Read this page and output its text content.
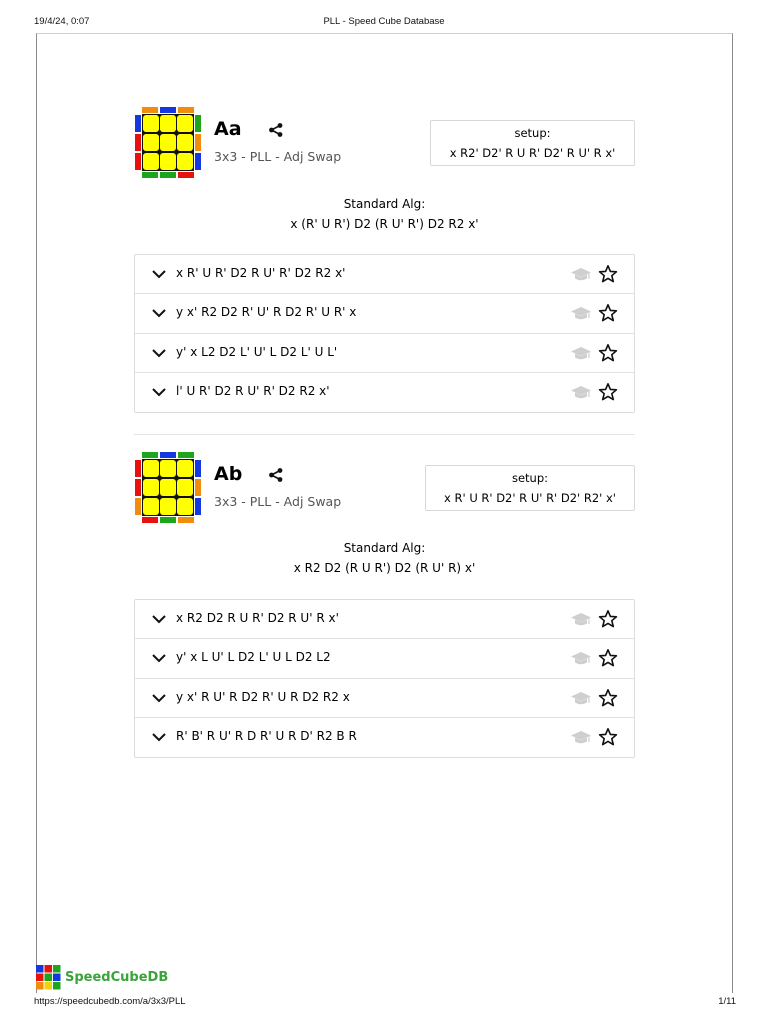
19/4/24, 0:07	PLL - Speed Cube Database
Aa
3x3 - PLL - Adj Swap
setup:
x R2' D2' R U R' D2' R U' R x'
Standard Alg:
x (R' U R') D2 (R U' R') D2 R2 x'
x R' U R' D2 R U' R' D2 R2 x'
y x' R2 D2 R' U' R D2 R' U R' x
y' x L2 D2 L' U' L D2 L' U L'
l' U R' D2 R U' R' D2 R2 x'
Ab
3x3 - PLL - Adj Swap
setup:
x R' U R' D2' R U' R' D2' R2' x'
Standard Alg:
x R2 D2 (R U R') D2 (R U' R) x'
x R2 D2 R U R' D2 R U' R x'
y' x L U' L D2 L' U L D2 L2
y x' R U' R D2 R' U R D2 R2 x
R' B' R U' R D R' U R D' R2 B R
SpeedCubeDB
https://speedcubedb.com/a/3x3/PLL	1/11
